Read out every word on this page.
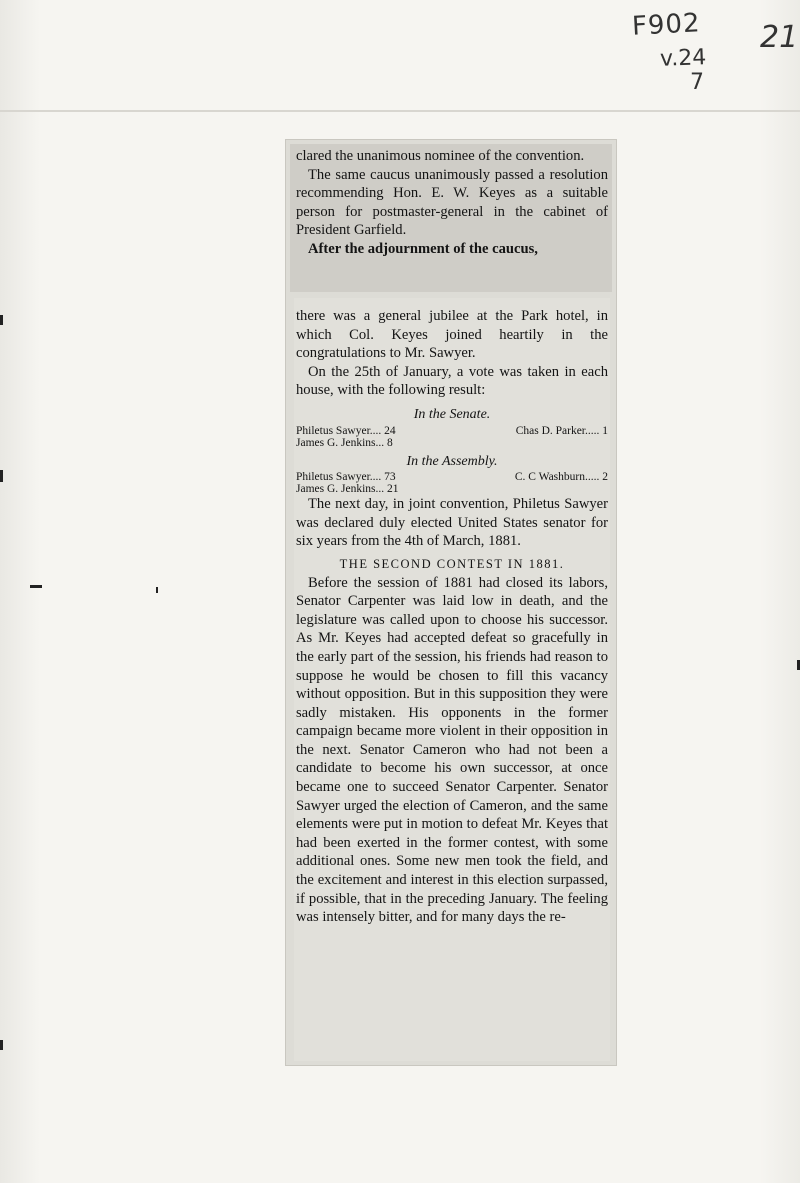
F902
v.24
7
21

clared the unanimous nominee of the convention.

The same caucus unanimously passed a resolution recommending Hon. E. W. Keyes as a suitable person for postmaster-general in the cabinet of President Garfield.

After the adjournment of the caucus,

there was a general jubilee at the Park hotel, in which Col. Keyes joined heartily in the congratulations to Mr. Sawyer.

On the 25th of January, a vote was taken in each house, with the following result:

In the Senate.
Philetus Sawyer.... 24	Chas D. Parker..... 1
James G. Jenkins... 8
In the Assembly.
Philetus Sawyer.... 73	C. C Washburn..... 2
James G. Jenkins... 21

The next day, in joint convention, Philetus Sawyer was declared duly elected United States senator for six years from the 4th of March, 1881.

THE SECOND CONTEST IN 1881.

Before the session of 1881 had closed its labors, Senator Carpenter was laid low in death, and the legislature was called upon to choose his successor. As Mr. Keyes had accepted defeat so gracefully in the early part of the session, his friends had reason to suppose he would be chosen to fill this vacancy without opposition. But in this supposition they were sadly mistaken. His opponents in the former campaign became more violent in their opposition in the next. Senator Cameron who had not been a candidate to become his own successor, at once became one to succeed Senator Carpenter. Senator Sawyer urged the election of Cameron, and the same elements were put in motion to defeat Mr. Keyes that had been exerted in the former contest, with some additional ones. Some new men took the field, and the excitement and interest in this election surpassed, if possible, that in the preceding January. The feeling was intensely bitter, and for many days the re-
